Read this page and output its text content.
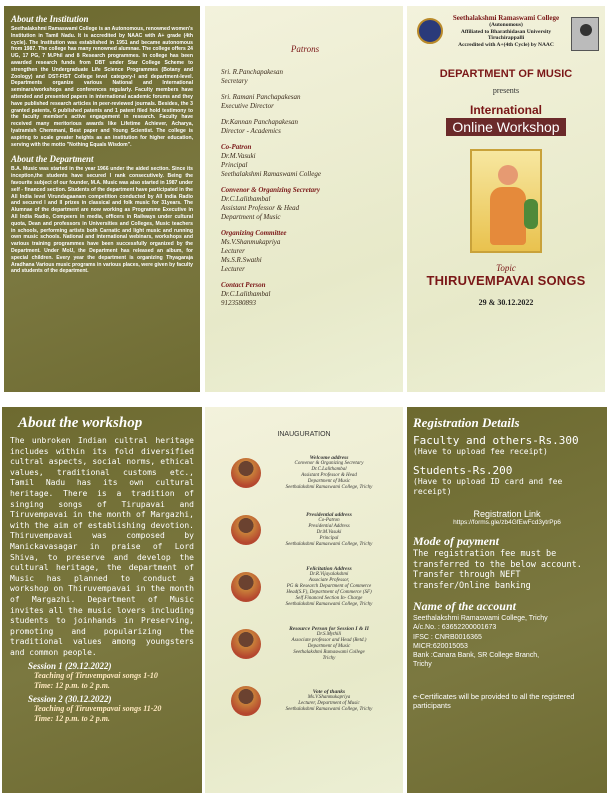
About the Institution

Seethalakshmi Ramaswami College is an Autonomous, renowned women's Institution in Tamil Nadu. It is accredited by NAAC with A+ grade (4th cycle). The Institution was established in 1951 and became autonomous from 1987. The college has many renowned alumnae. The college offers 24 UG, 17 PG, 7 M.Phil and 8 Research programmes. In college has been awarded research funds from DBT under Star College Scheme to strengthen the Undergraduate Life Science Programmes (Botany and Zoology) and DST-FIST College level category-I and department-level. Departments organize various National and International seminars/workshops and conferences regularly. Faculty members have attended and presented papers in international academic forums and they have published research articles in peer-reviewed journals. Besides, the 3 granted patents, 6 published patents and 1 patent filed hold testimony to the faculty member's active engagement in research. Faculty have received many meritorious awards like Lifetime Achiever, Acharya, Iyatramish Chemmani, Best paper and Young Scientist. The college is aspiring to scale greater heights as an institution for higher education, serving with the motto "Nothing Equals Wisdom".

About the Department

B.A. Music was started in the year 1966 under the aided section. Since its inception,the students have secured I rank consecutively. Being the favourite subject of our founder, M.A. Music was also started in 1987 under self - financed section. Students of the department have participated in the All India level Virundagaanam competition conducted by All India Radio and secured I and II prizes in classical and folk music for 31years. The Alumnae of the department are now working as Programme Executive in All India Radio, Compeers in media, officers in Railways under cultural quota, Dean and professors in Universities and Colleges, Music teachers in schools, performing artists both Carnatic and light music and running own music schools. National and international webinars, workshops and various training programmes have been successfully organized by the Department. Under MoU, the Department has released an album, for special children. Every year the department is organizing Thyagaraja Aradhana Various music programs in various places, were given by faculty and students of the department.

Patrons
Sri. R.Panchapakesan
Secretary
Sri. Ramani Panchapakesan
Executive Director
Dr.Kannan Panchapakesan
Director - Academics
Co-Patron
Dr.M.Vasuki
Principal
Seethalakshmi Ramaswami College
Convenor & Organizing Secretary
Dr.C.Lalithambal
Assistant Professor & Head
Department of Music
Organizing Committee
Ms.V.Shanmukapriya
Lecturer
Ms.S.R.Swathi
Lecturer
Contact Person
Dr.C.Lalithambal
9123580893
Seethalakshmi Ramaswami College
(Autonomous)
Affiliated to Bharathidasan University
Tiruchirappalli
Accredited with A+(4th Cycle) by NAAC
DEPARTMENT OF MUSIC
presents
International
Online Workshop
Topic
THIRUVEMPAVAI SONGS
29 & 30.12.2022
About the workshop

The unbroken Indian cultral heritage includes within its fold diversified cultral aspects, social norms, ethical values, traditional customs etc., Tamil Nadu has its own cultural heritage. There is a tradition of singing songs of Tirupavai and Tiruvempavai in the month of Margazhi, with the aim of establishing devotion. Thiruvempavai was composed by Manickavasagar in praise of Lord Shiva, to preserve and develop the cultural heritage, the department of Music has planned to conduct a workshop on Thiruvempavai in the month of Margazhi. Department of Music invites all the music lovers including students to joinhands in Preserving, promoting and popularizing the traditional values among youngsters and common people.

Session 1 (29.12.2022)
Teaching of Tiruvempavai songs 1-10
Time: 12 p.m. to 2 p.m.
Session 2 (30.12.2022)
Teaching of Tiruvempavai songs 11-20
Time: 12 p.m. to 2 p.m.
INAUGURATION
Welcome address
Convenor & Organizing Secretary
Dr.C.Lalithambal
Assistant Professor & Head
Department of Music
Seethalakshmi Ramaswami College, Trichy
Presidential address
Co-Patron
Presidential Address
Dr.M.Vasuki
Principal
Seethalakshmi Ramaswami College, Trichy
Felicitation Address
Dr.R.Vijayalakshmi
Associate Professor,
PG & Research Department of Commerce
Head(S.F), Department of Commerce (SF)
Self Financed Section In- Charge
Seethalakshmi Ramaswami College, Trichy
Resource Person for Session I & II
Dr.S.Mythili
Associate professor and Head (Retd.)
Department of Music
Seethalakshmi Ramaswami College
Trichy
Vote of thanks
Ms.V.Shanmukapriya
Lecturer, Department of Music
Seethalakshmi Ramaswami College, Trichy
Registration Details
Faculty and others-Rs.300
(Have to upload fee receipt)
Students-Rs.200
(Have to upload ID card and fee receipt)
Registration Link
https://forms.gle/zb4GfEwFcd3ytrPp6
Mode of payment
The registration fee must be transferred to the below account. Transfer through NEFT transfer/Online banking
Name of the account
Seethalakshmi Ramaswami College, Trichy
A/c.No. : 63652200001673
IFSC : CNRB0016365
MICR:620015053
Bank :Canara Bank, SR College Branch,
Trichy
e-Certificates will be provided to all the registered participants
